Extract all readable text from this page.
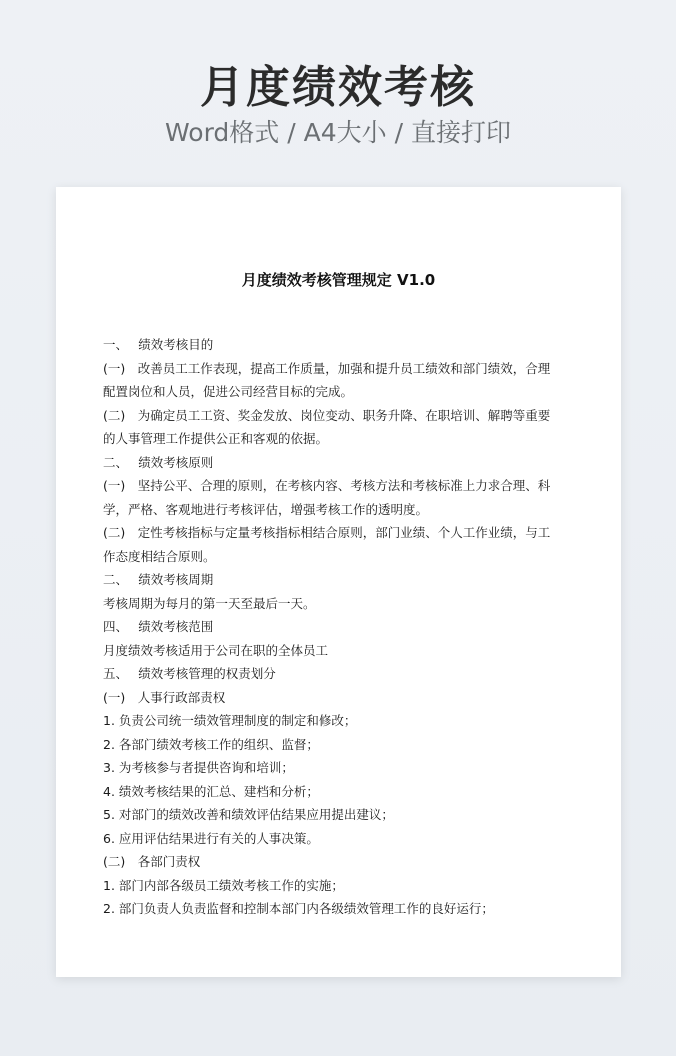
月度绩效考核
Word格式 / A4大小 / 直接打印
月度绩效考核管理规定 V1.0
一、　 绩效考核目的
(一)　改善员工工作表现，提高工作质量，加强和提升员工绩效和部门绩效，合理
配置岗位和人员，促进公司经营目标的完成。
(二)　为确定员工工资、奖金发放、岗位变动、职务升降、在职培训、解聘等重要
的人事管理工作提供公正和客观的依据。
二、　 绩效考核原则
(一)　坚持公平、合理的原则，在考核内容、考核方法和考核标准上力求合理、科
学，严格、客观地进行考核评估，增强考核工作的透明度。
(二)　定性考核指标与定量考核指标相结合原则，部门业绩、个人工作业绩，与工
作态度相结合原则。
二、　 绩效考核周期
考核周期为每月的第一天至最后一天。
四、　 绩效考核范围
月度绩效考核适用于公司在职的全体员工
五、　 绩效考核管理的权责划分
(一)　人事行政部责权
1. 负责公司统一绩效管理制度的制定和修改；
2. 各部门绩效考核工作的组织、监督；
3. 为考核参与者提供咨询和培训；
4. 绩效考核结果的汇总、建档和分析；
5. 对部门的绩效改善和绩效评估结果应用提出建议；
6. 应用评估结果进行有关的人事决策。
(二)　各部门责权
1. 部门内部各级员工绩效考核工作的实施；
2. 部门负责人负责监督和控制本部门内各级绩效管理工作的良好运行；
